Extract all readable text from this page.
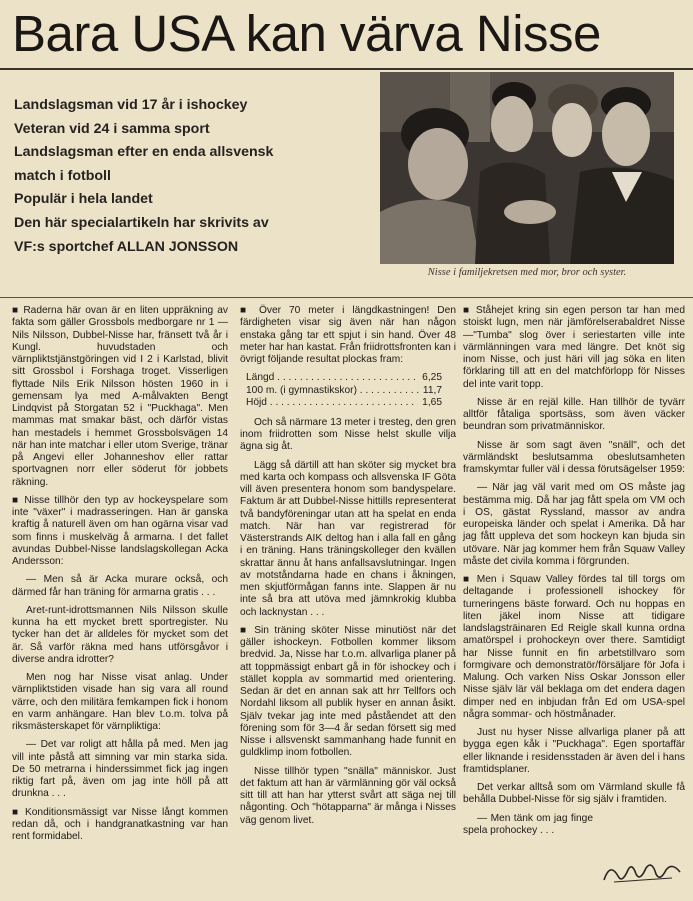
Bara USA kan värva Nisse
Landslagsman vid 17 år i ishockey
Veteran vid 24 i samma sport
Landslagsman efter en enda allsvensk
match i fotboll
Populär i hela landet
Den här specialartikeln har skrivits av
VF:s sportchef ALLAN JONSSON
Nisse i familjekretsen med mor, bror och syster.

■ Raderna här ovan är en liten uppräkning av fakta som gäller Grossbols medborgare nr 1 — Nils Nilsson, Dubbel-Nisse har, fränsett två år i Kungl. huvudstaden och värnpliktstjänstgöringen vid I 2 i Karlstad, blivit sitt Grossbol i Forshaga troget. Visserligen flyttade Nils Erik Nilsson hösten 1960 in i gemensam lya med A-målvakten Bengt Lindqvist på Storgatan 52 i "Puckhaga". Men mammas mat smakar bäst, och därför vistas han mestadels i hemmet Grossbolsvägen 14 när han inte matchar i eller utom Sverige, tränar på Angevi eller Johanneshov eller rattar sportvagnen norr eller söderut för jobbets räkning.

■ Nisse tillhör den typ av hockeyspelare som inte "växer" i madrasseringen. Han är ganska kraftig å naturell även om han ogärna visar vad som finns i muskelväg å armarna. I det fallet avundas Dubbel-Nisse landslagskollegan Acka Andersson:

— Men så är Acka murare också, och därmed får han träning för armarna gratis . . .

Aret-runt-idrottsmannen Nils Nilsson skulle kunna ha ett mycket brett sportregister. Nu tycker han det är alldeles för mycket som det är. Så varför räkna med hans utförsgåvor i diverse andra idrotter?

Men nog har Nisse visat anlag. Under värnpliktstiden visade han sig vara all round värre, och den militära femkampen fick i honom en varm anhängare. Han blev t.o.m. tolva på riksmästerskapet för värnpliktiga:

— Det var roligt att hålla på med. Men jag vill inte påstå att simning var min starka sida. De 50 metrarna i hinderssimmet fick jag ingen riktig fart på, även om jag inte höll på att drunkna . . .

■ Konditionsmässigt var Nisse långt kommen redan då, och i handgranatkastning var han rent formidabel.

■ Över 70 meter i längdkastningen! Den färdigheten visar sig även när han någon enstaka gång tar ett spjut i sin hand. Över 48 meter har han kastat. Från friidrottsfronten kan i övrigt följande resultat plockas fram:

Längd . . .	6,25
100 m. (i gymnastikskor) . . .	11,7
Höjd . . .	1,65

Och så närmare 13 meter i tresteg, den gren inom friidrotten som Nisse helst skulle vilja ägna sig åt.

Lägg så därtill att han sköter sig mycket bra med karta och kompass och allsvenska IF Göta vill även presentera honom som bandyspelare. Faktum är att Dubbel-Nisse hittills representerat två bandyföreningar utan att ha spelat en enda match. När han var registrerad för Västerstrands AIK deltog han i alla fall en gång i en träning. Hans träningskolleger den kvällen skrattar ännu åt hans anfallsavslutningar. Ingen av motståndarna hade en chans i åkningen, men skjutförmågan fanns inte. Slappen är nu inte så bra att utöva med jämnkrokig klubba och lacknystan . . .

■ Sin träning sköter Nisse minutiöst när det gäller ishockeyn. Fotbollen kommer liksom bredvid. Ja, Nisse har t.o.m. allvarliga planer på att toppmässigt enbart gå in för ishockey och i stället koppla av sommartid med orientering. Sedan är det en annan sak att hrr Tellfors och Nordahl liksom all publik hyser en annan åsikt. Själv tvekar jag inte med påståendet att den förening som för 3—4 år sedan försett sig med Nisse i allsvenskt sammanhang hade funnit en guldklimp inom fotbollen.

Nisse tillhör typen "snälla" människor. Just det faktum att han är värmlänning gör väl också sitt till att han har ytterst svårt att säga nej till någonting. Och "hötapparna" är många i Nisses väg genom livet.

■ Ståhejet kring sin egen person tar han med stoiskt lugn, men när jämförelserabaldret Nisse—"Tumba" slog över i seriestarten ville inte värmlänningen vara med längre. Det knöt sig inom Nisse, och just häri vill jag söka en liten förklaring till att en del matchförlopp för Nisses del inte varit topp.

Nisse är en rejäl kille. Han tillhör de tyvärr alltför fåtaliga sportsäss, som även väcker beundran som privatmänniskor.

Nisse är som sagt även "snäll", och det värmländskt beslutsamma obeslutsamheten framskymtar fuller väl i dessa förutsägelser 1959:

— När jag väl varit med om OS måste jag bestämma mig. Då har jag fått spela om VM och i OS, gästat Ryssland, massor av andra europeiska länder och spelat i Amerika. Då har jag fått uppleva det som hockeyn kan bjuda sin utövare. När jag kommer hem från Squaw Valley måste det civila komma i förgrunden.

■ Men i Squaw Valley fördes tal till torgs om deltagande i professionell ishockey för turneringens bäste forward. Och nu hoppas en liten jäkel inom Nisse att tidigare landslagsträinaren Ed Reigle skall kunna ordna amatörspel i prohockeyn over there. Samtidigt har Nisse funnit en fin arbetstillvaro som formgivare och demonstratör/försäljare för Jofa i Malung. Och varken Niss Oskar Jonsson eller Nisse själv lär väl beklaga om det endera dagen dimper ned en inbjudan från Ed om USA-spel några sommar- och höstmånader.

Just nu hyser Nisse allvarliga planer på att bygga egen kåk i "Puckhaga". Egen sportaffär eller liknande i residensstaden är även del i hans framtidsplaner.

Det verkar alltså som om Värmland skulle få behålla Dubbel-Nisse för sig själv i framtiden.

— Men tänk om jag finge spela prohockey . . .
